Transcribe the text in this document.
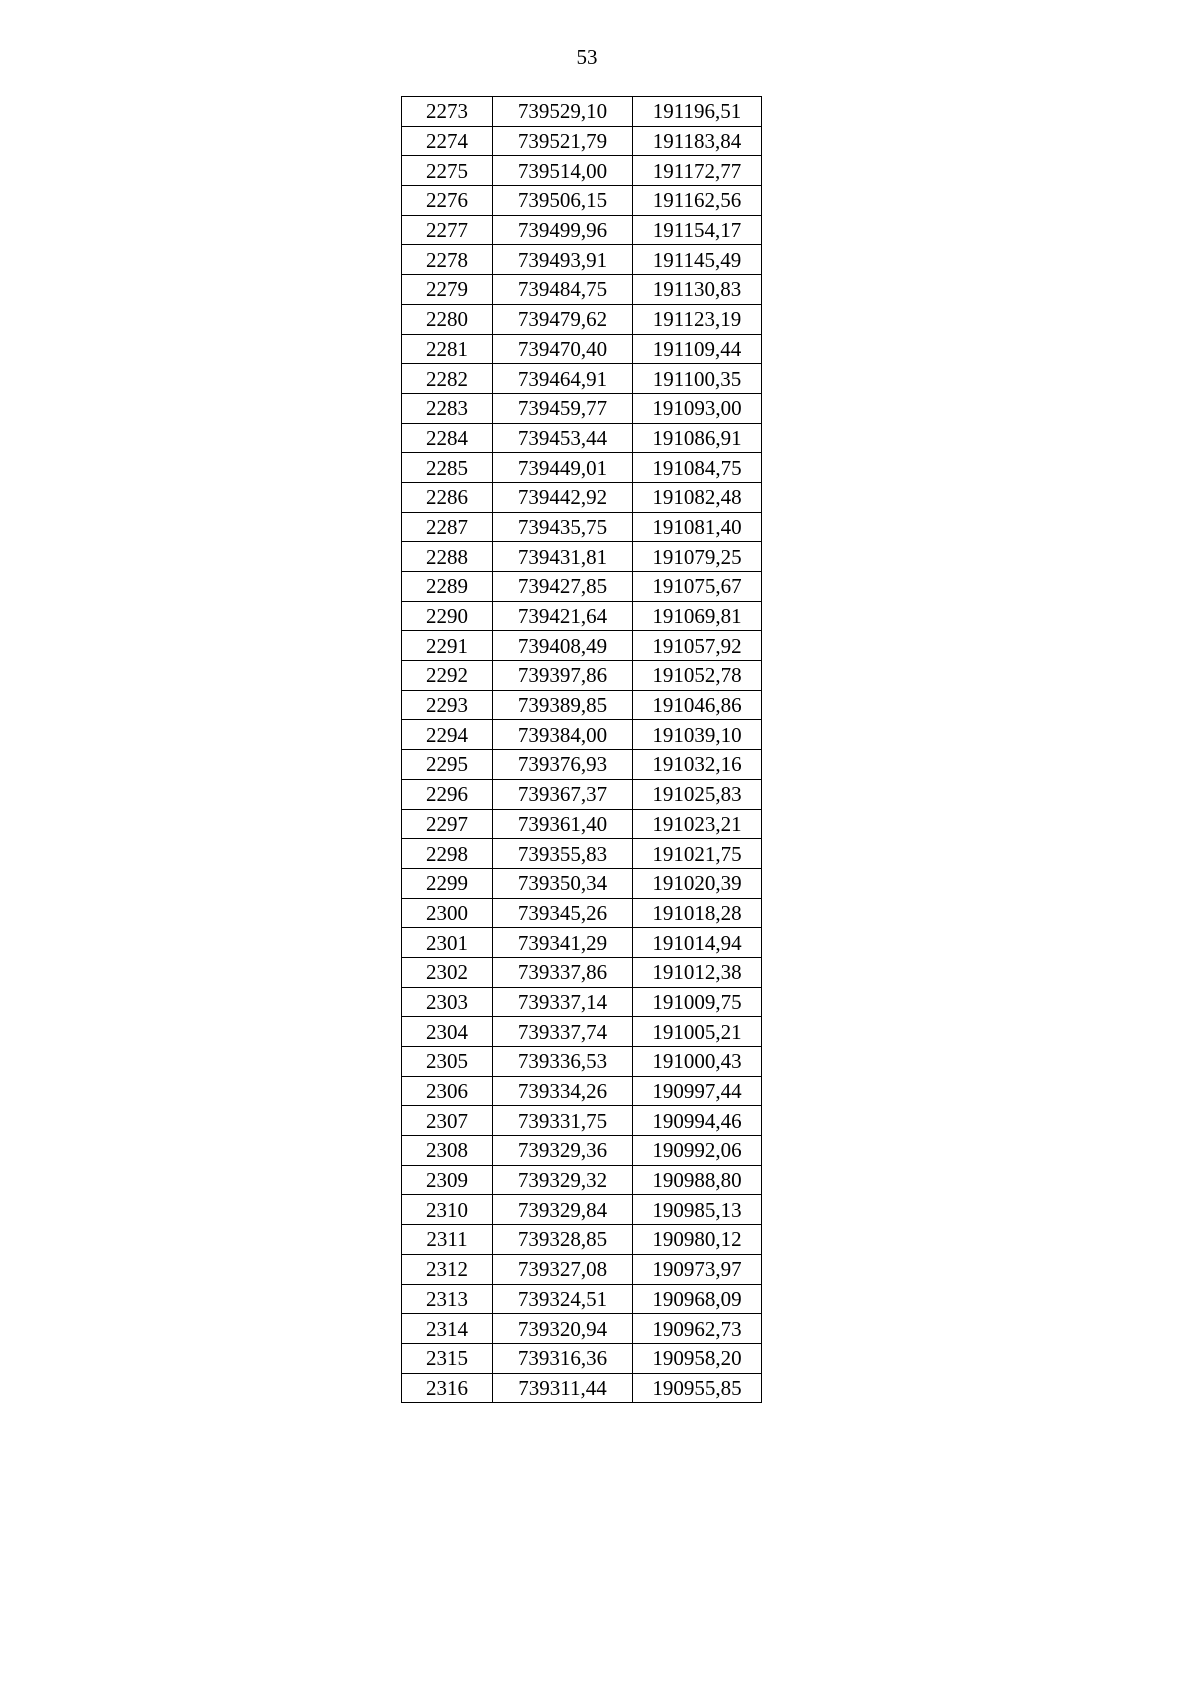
53
2273	739529,10	191196,51
2274	739521,79	191183,84
2275	739514,00	191172,77
2276	739506,15	191162,56
2277	739499,96	191154,17
2278	739493,91	191145,49
2279	739484,75	191130,83
2280	739479,62	191123,19
2281	739470,40	191109,44
2282	739464,91	191100,35
2283	739459,77	191093,00
2284	739453,44	191086,91
2285	739449,01	191084,75
2286	739442,92	191082,48
2287	739435,75	191081,40
2288	739431,81	191079,25
2289	739427,85	191075,67
2290	739421,64	191069,81
2291	739408,49	191057,92
2292	739397,86	191052,78
2293	739389,85	191046,86
2294	739384,00	191039,10
2295	739376,93	191032,16
2296	739367,37	191025,83
2297	739361,40	191023,21
2298	739355,83	191021,75
2299	739350,34	191020,39
2300	739345,26	191018,28
2301	739341,29	191014,94
2302	739337,86	191012,38
2303	739337,14	191009,75
2304	739337,74	191005,21
2305	739336,53	191000,43
2306	739334,26	190997,44
2307	739331,75	190994,46
2308	739329,36	190992,06
2309	739329,32	190988,80
2310	739329,84	190985,13
2311	739328,85	190980,12
2312	739327,08	190973,97
2313	739324,51	190968,09
2314	739320,94	190962,73
2315	739316,36	190958,20
2316	739311,44	190955,85
